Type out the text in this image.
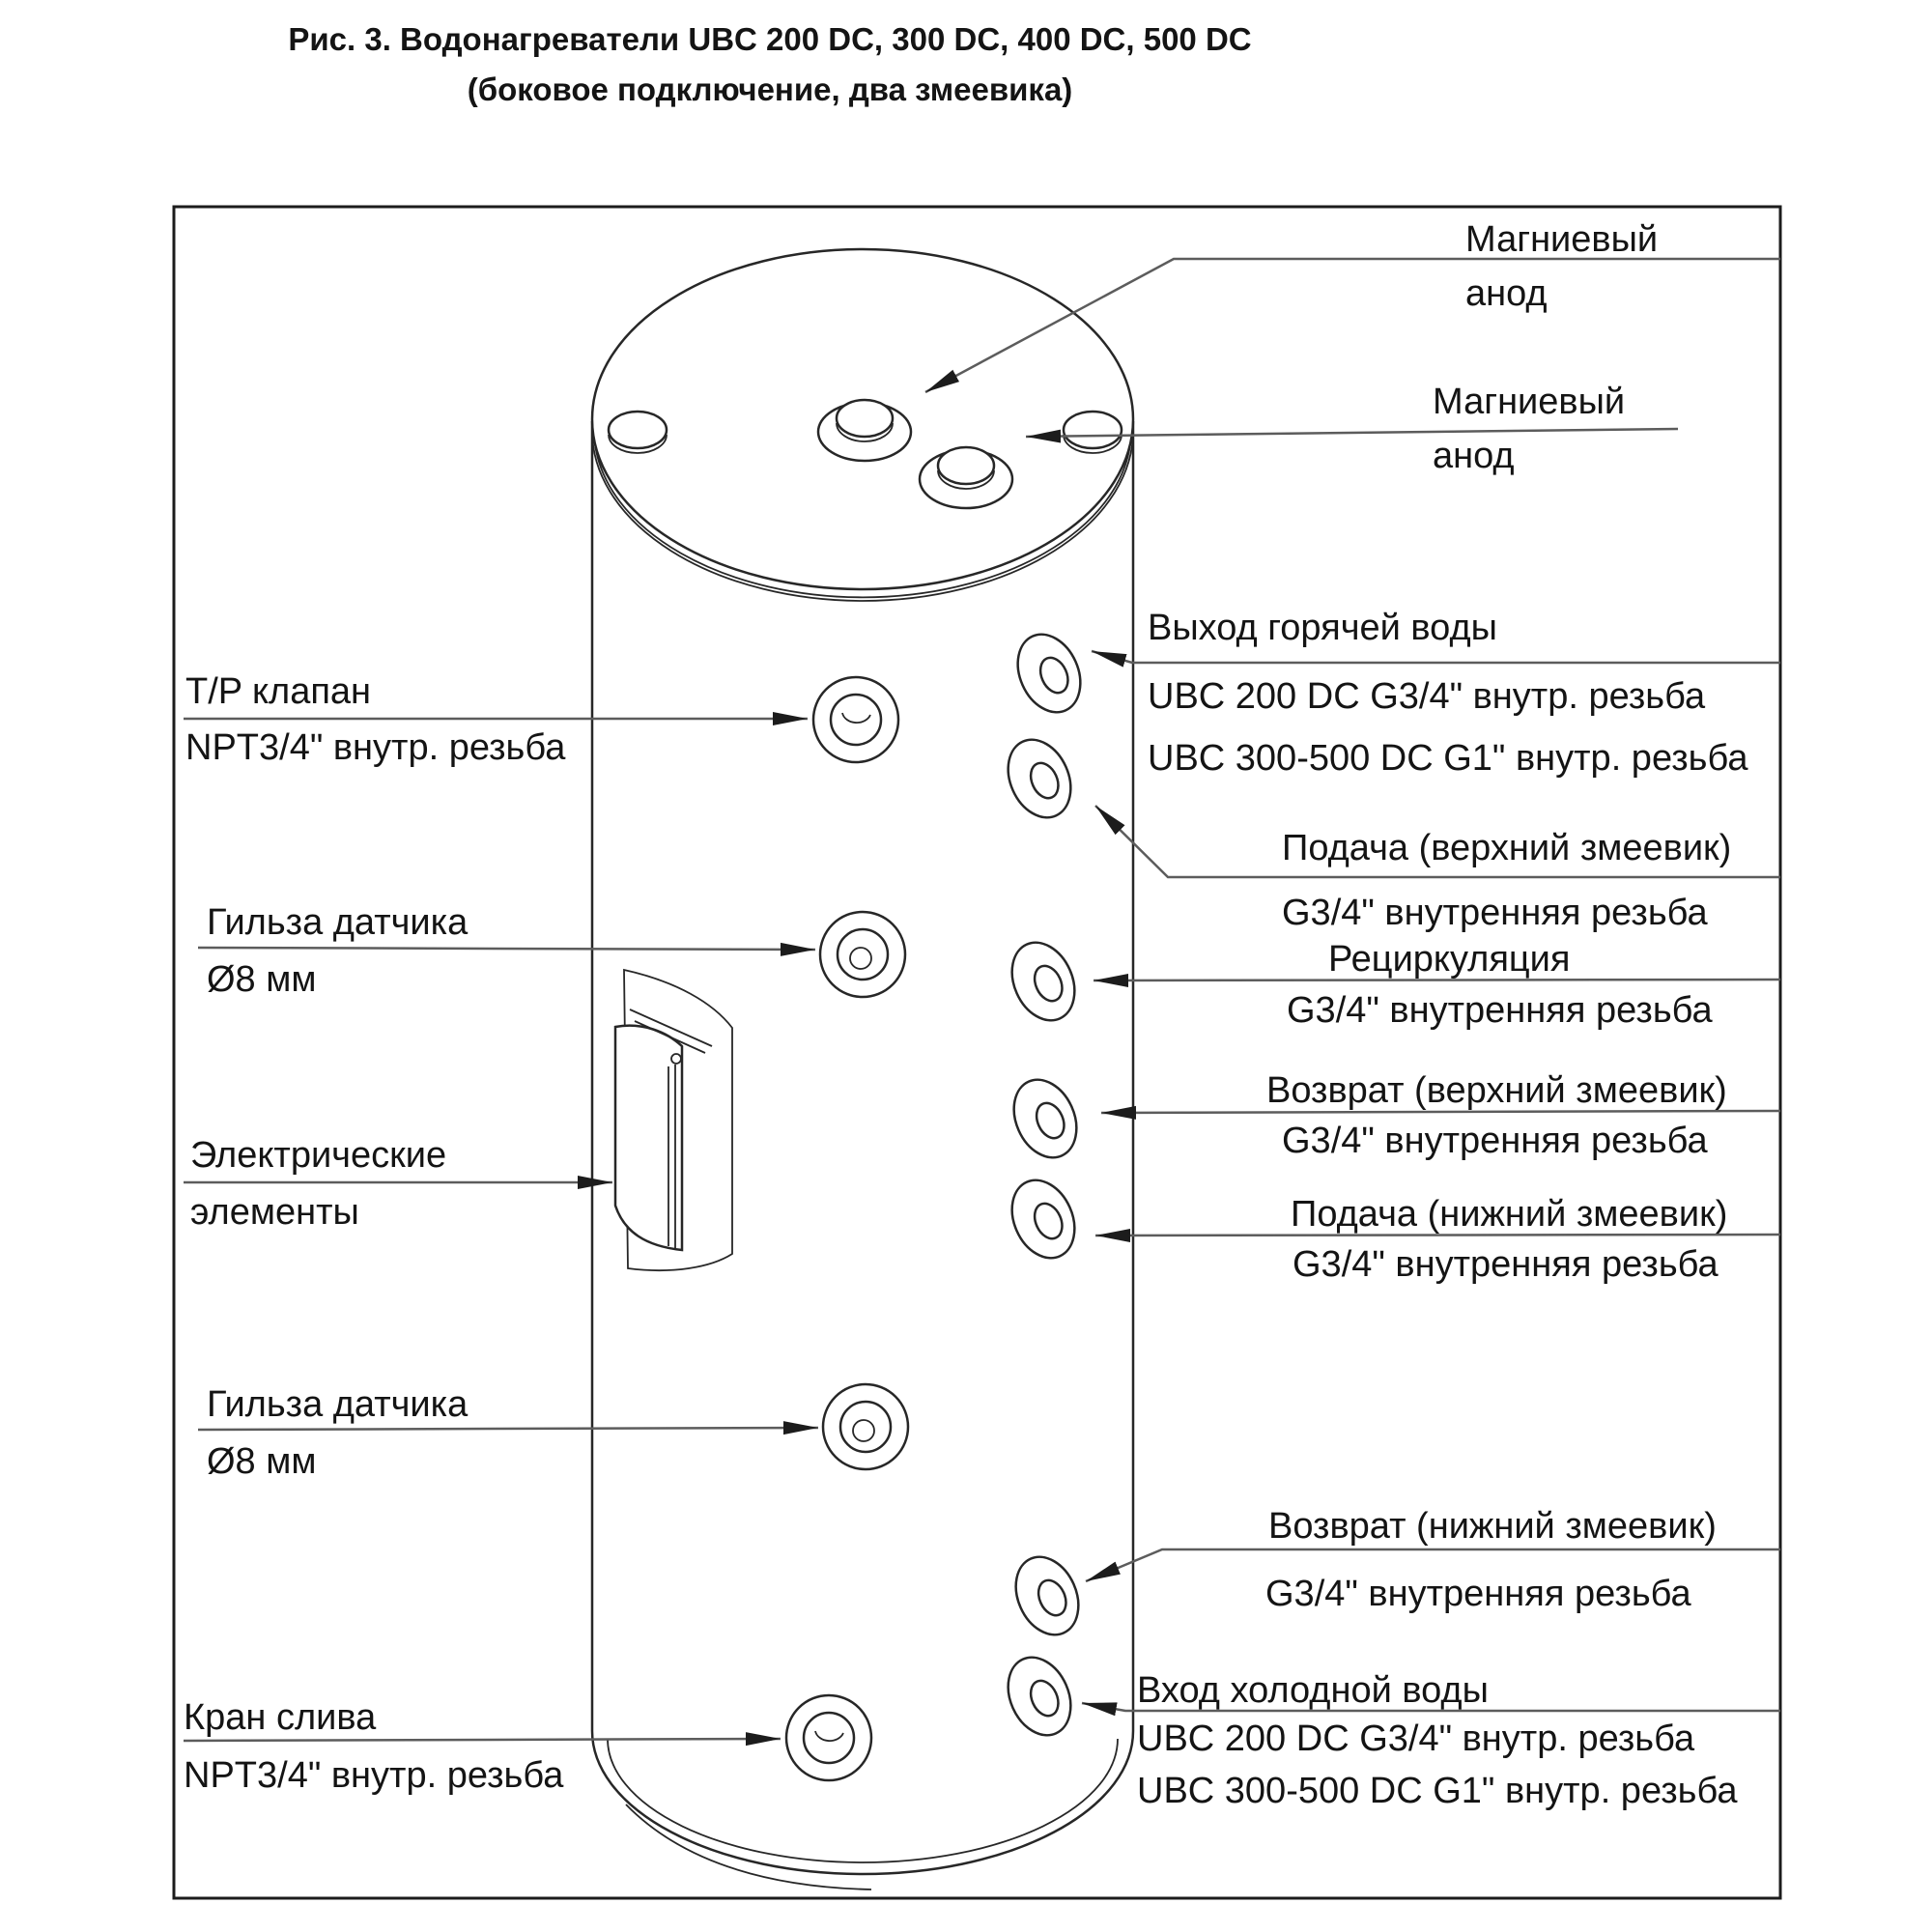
Рис. 3. Водонагреватели UBC 200 DC, 300 DC, 400 DC, 500 DC
(боковое подключение, два змеевика)
Магниевый
анод
Магниевый
анод
Выход горячей воды
UBC 200 DC G3/4" внутр. резьба
UBC 300-500 DC G1" внутр. резьба
Подача (верхний змеевик)
G3/4" внутренняя резьба
Рециркуляция
G3/4" внутренняя резьба
Возврат (верхний змеевик)
G3/4" внутренняя резьба
Подача (нижний змеевик)
G3/4" внутренняя резьба
Возврат (нижний змеевик)
G3/4" внутренняя резьба
Вход холодной воды
UBC 200 DC G3/4" внутр. резьба
UBC 300-500 DC G1" внутр. резьба
T/P клапан
NPT3/4" внутр. резьба
Гильза датчика
Ø8 мм
Электрические
элементы
Гильза датчика
Ø8 мм
Кран слива
NPT3/4" внутр. резьба
